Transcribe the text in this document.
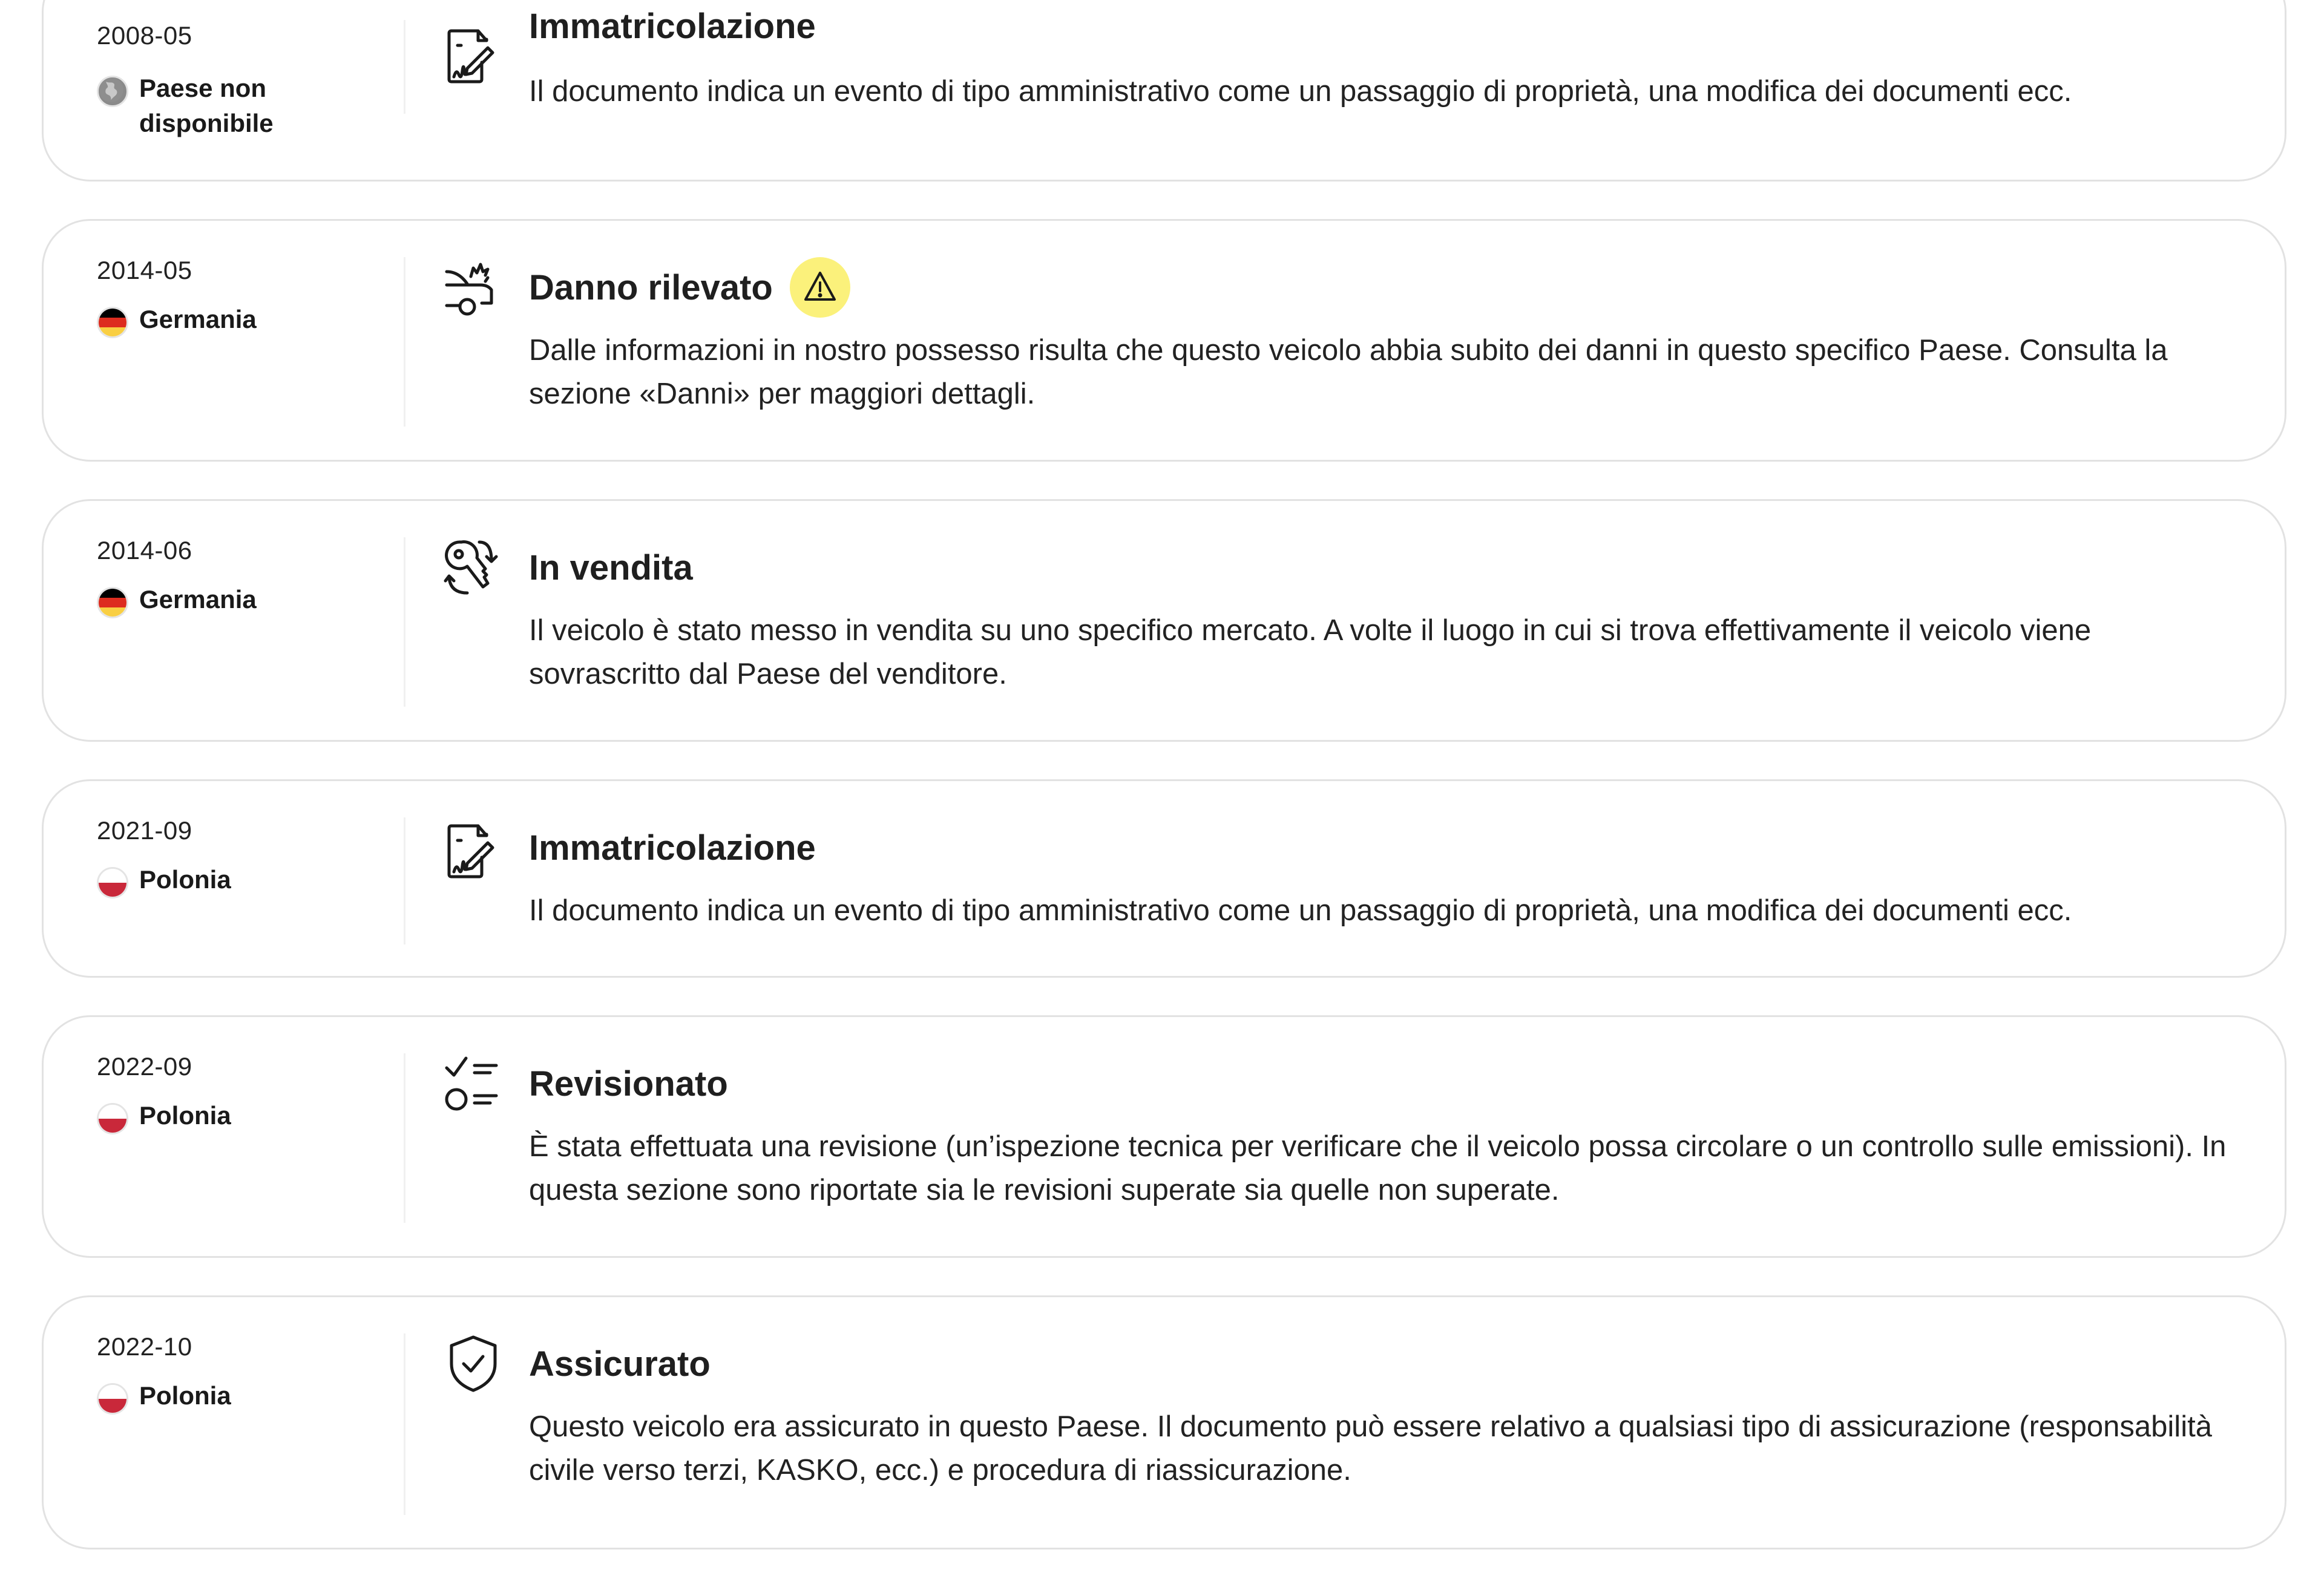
2008-05
Paese non disponibile
Immatricolazione
Il documento indica un evento di tipo amministrativo come un passaggio di proprietà, una modifica dei documenti ecc.
2014-05
Germania
Danno rilevato
Dalle informazioni in nostro possesso risulta che questo veicolo abbia subito dei danni in questo specifico Paese. Consulta la sezione «Danni» per maggiori dettagli.
2014-06
Germania
In vendita
Il veicolo è stato messo in vendita su uno specifico mercato. A volte il luogo in cui si trova effettivamente il veicolo viene sovrascritto dal Paese del venditore.
2021-09
Polonia
Immatricolazione
Il documento indica un evento di tipo amministrativo come un passaggio di proprietà, una modifica dei documenti ecc.
2022-09
Polonia
Revisionato
È stata effettuata una revisione (un’ispezione tecnica per verificare che il veicolo possa circolare o un controllo sulle emissioni). In questa sezione sono riportate sia le revisioni superate sia quelle non superate.
2022-10
Polonia
Assicurato
Questo veicolo era assicurato in questo Paese. Il documento può essere relativo a qualsiasi tipo di assicurazione (responsabilità civile verso terzi, KASKO, ecc.) e procedura di riassicurazione.
